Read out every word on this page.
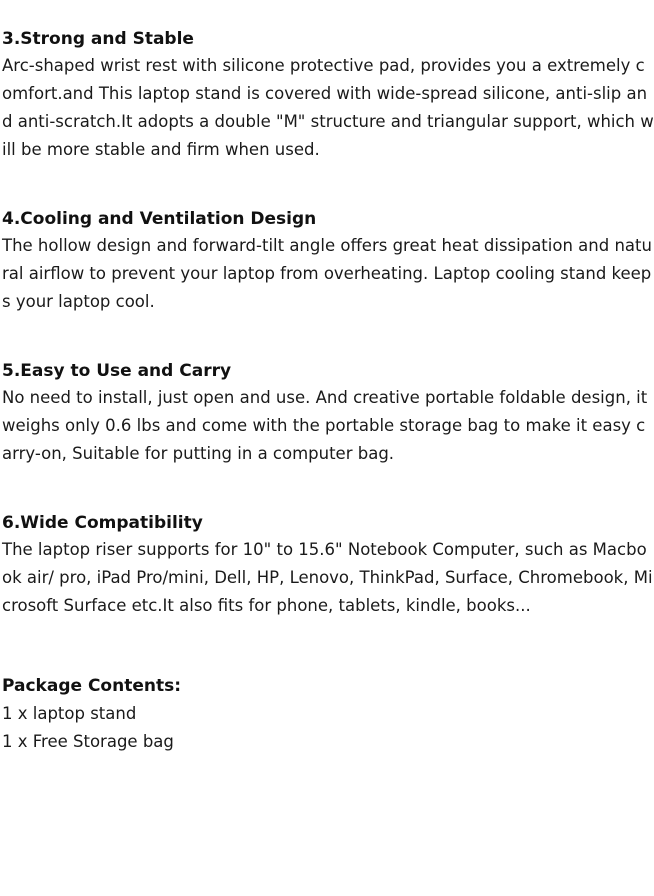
3.Strong and Stable

Arc-shaped wrist rest with silicone protective pad, provides you a extremely comfort.and This laptop stand is covered with wide-spread silicone, anti-slip and anti-scratch.It adopts a double "M" structure and triangular support, which will be more stable and firm when used.

4.Cooling and Ventilation Design

The hollow design and forward-tilt angle offers great heat dissipation and natural airflow to prevent your laptop from overheating. Laptop cooling stand keeps your laptop cool.

5.Easy to Use and Carry

No need to install, just open and use. And creative portable foldable design, it weighs only 0.6 lbs and come with the portable storage bag to make it easy carry-on, Suitable for putting in a computer bag.

6.Wide Compatibility

The laptop riser supports for 10" to 15.6" Notebook Computer, such as Macbook air/ pro, iPad Pro/mini, Dell, HP, Lenovo, ThinkPad, Surface, Chromebook, Microsoft Surface etc.It also fits for phone, tablets, kindle, books...

Package Contents:

1 x laptop stand

1 x Free Storage bag
